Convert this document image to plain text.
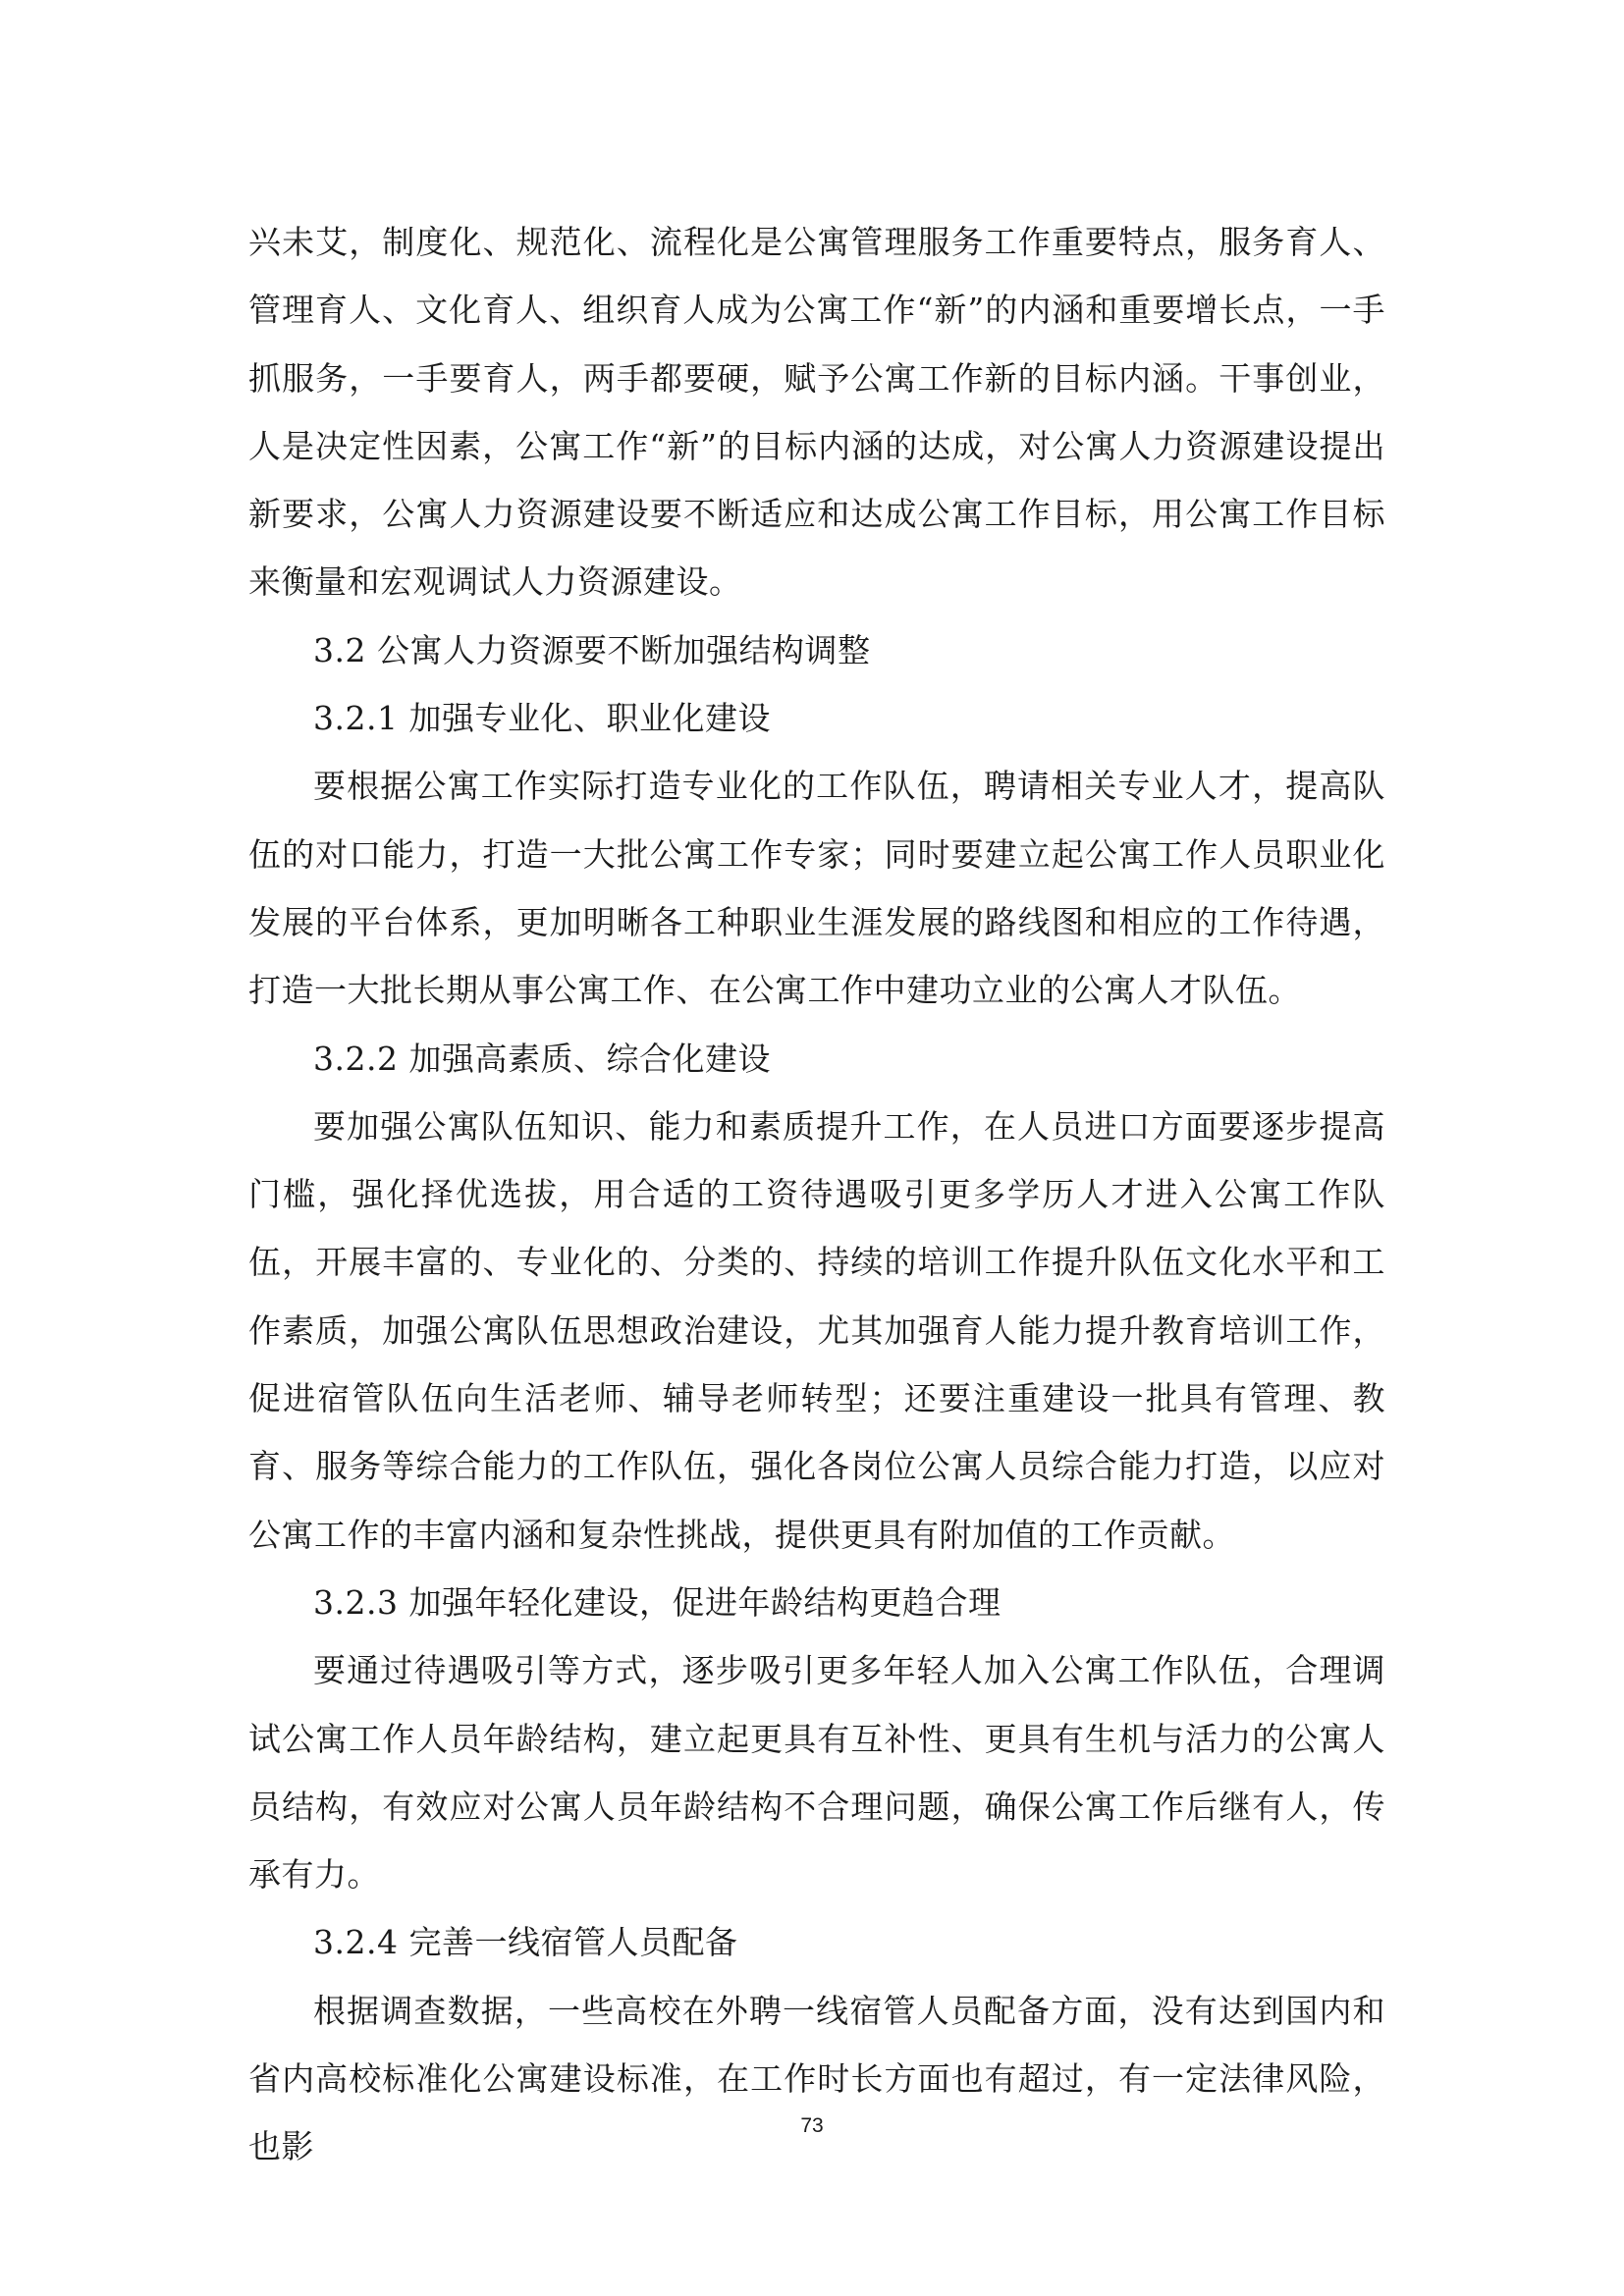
兴未艾，制度化、规范化、流程化是公寓管理服务工作重要特点，服务育人、管理育人、文化育人、组织育人成为公寓工作“新”的内涵和重要增长点，一手抓服务，一手要育人，两手都要硬，赋予公寓工作新的目标内涵。干事创业，人是决定性因素，公寓工作“新”的目标内涵的达成，对公寓人力资源建设提出新要求，公寓人力资源建设要不断适应和达成公寓工作目标，用公寓工作目标来衡量和宏观调试人力资源建设。

3.2 公寓人力资源要不断加强结构调整

3.2.1 加强专业化、职业化建设

要根据公寓工作实际打造专业化的工作队伍，聘请相关专业人才，提高队伍的对口能力，打造一大批公寓工作专家；同时要建立起公寓工作人员职业化发展的平台体系，更加明晰各工种职业生涯发展的路线图和相应的工作待遇，打造一大批长期从事公寓工作、在公寓工作中建功立业的公寓人才队伍。

3.2.2 加强高素质、综合化建设

要加强公寓队伍知识、能力和素质提升工作，在人员进口方面要逐步提高门槛，强化择优选拔，用合适的工资待遇吸引更多学历人才进入公寓工作队伍，开展丰富的、专业化的、分类的、持续的培训工作提升队伍文化水平和工作素质，加强公寓队伍思想政治建设，尤其加强育人能力提升教育培训工作，促进宿管队伍向生活老师、辅导老师转型；还要注重建设一批具有管理、教育、服务等综合能力的工作队伍，强化各岗位公寓人员综合能力打造，以应对公寓工作的丰富内涵和复杂性挑战，提供更具有附加值的工作贡献。

3.2.3 加强年轻化建设，促进年龄结构更趋合理

要通过待遇吸引等方式，逐步吸引更多年轻人加入公寓工作队伍，合理调试公寓工作人员年龄结构，建立起更具有互补性、更具有生机与活力的公寓人员结构，有效应对公寓人员年龄结构不合理问题，确保公寓工作后继有人，传承有力。

3.2.4 完善一线宿管人员配备

根据调查数据，一些高校在外聘一线宿管人员配备方面，没有达到国内和省内高校标准化公寓建设标准，在工作时长方面也有超过，有一定法律风险，也影

73
